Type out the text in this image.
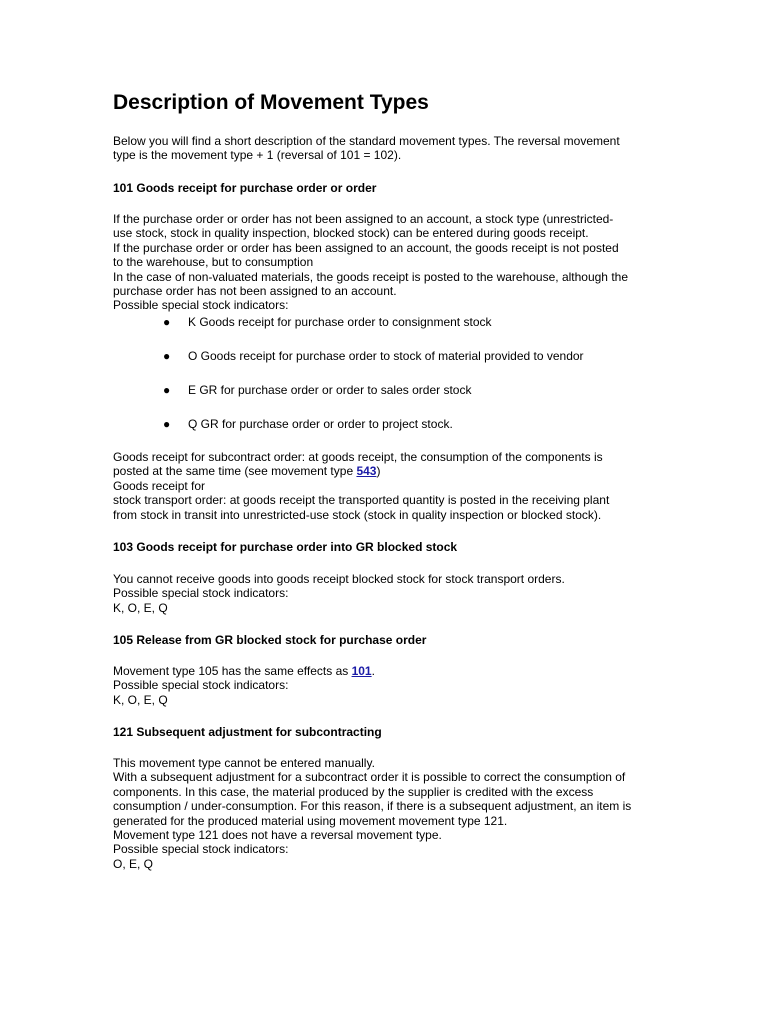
Description of Movement Types
Below you will find a short description of the standard movement types. The reversal movement
type is the movement type + 1 (reversal of 101 = 102).
101 Goods receipt for purchase order or order
If the purchase order or order has not been assigned to an account, a stock type (unrestricted-
use stock, stock in quality inspection, blocked stock) can be entered during goods receipt.
If the purchase order or order has been assigned to an account, the goods receipt is not posted
to the warehouse, but to consumption
In the case of non-valuated materials, the goods receipt is posted to the warehouse, although the
purchase order has not been assigned to an account.
Possible special stock indicators:
● K Goods receipt for purchase order to consignment stock
● O Goods receipt for purchase order to stock of material provided to vendor
● E GR for purchase order or order to sales order stock
● Q GR for purchase order or order to project stock.
Goods receipt for subcontract order: at goods receipt, the consumption of the components is
posted at the same time (see movement type 543)
Goods receipt for
stock transport order: at goods receipt the transported quantity is posted in the receiving plant
from stock in transit into unrestricted-use stock (stock in quality inspection or blocked stock).
103 Goods receipt for purchase order into GR blocked stock
You cannot receive goods into goods receipt blocked stock for stock transport orders.
Possible special stock indicators:
K, O, E, Q
105 Release from GR blocked stock for purchase order
Movement type 105 has the same effects as 101.
Possible special stock indicators:
K, O, E, Q
121 Subsequent adjustment for subcontracting
This movement type cannot be entered manually.
With a subsequent adjustment for a subcontract order it is possible to correct the consumption of
components. In this case, the material produced by the supplier is credited with the excess
consumption / under-consumption. For this reason, if there is a subsequent adjustment, an item is
generated for the produced material using movement movement type 121.
Movement type 121 does not have a reversal movement type.
Possible special stock indicators:
O, E, Q
